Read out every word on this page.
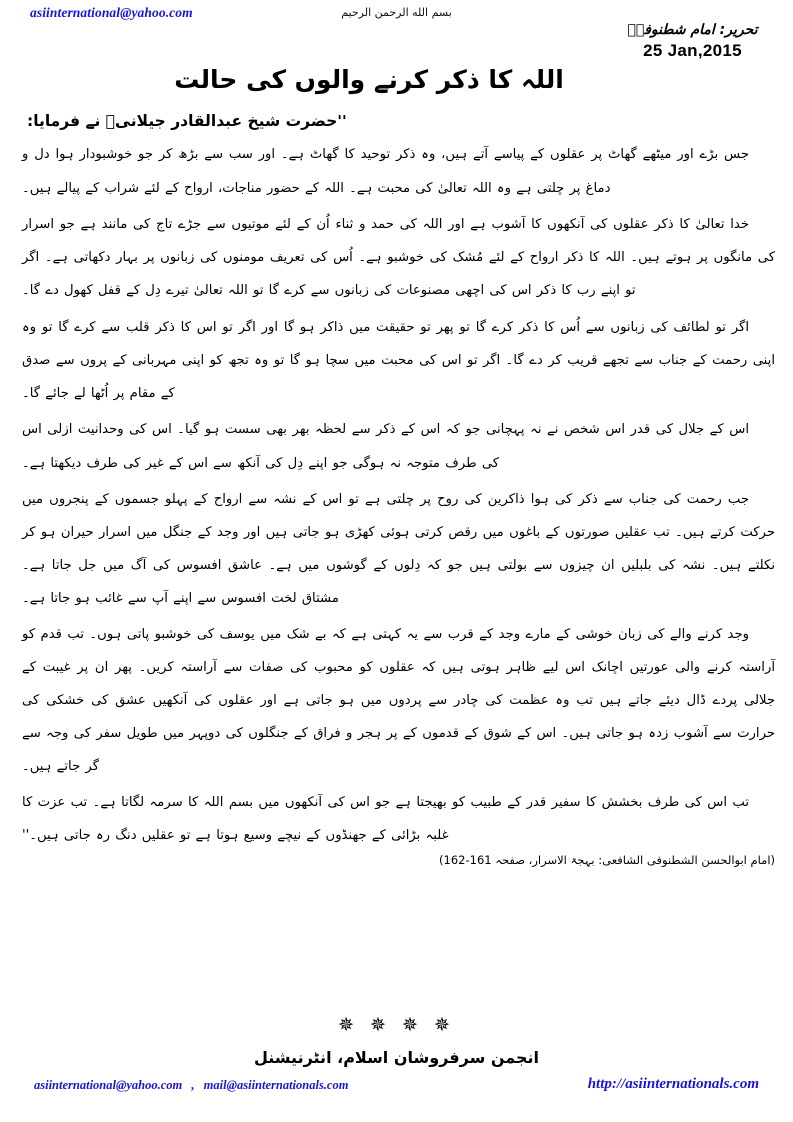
asiinternational@yahoo.com	بسم الله الرحمن الرحيم
تحریر: امام شطنوفیؒ
25 Jan,2015
اللہ کا ذکر کرنے والوں کی حالت
''حضرت شیخ عبدالقادر جیلانیؒ نے فرمایا:

جس بڑے اور میٹھے گھاٹ پر عقلوں کے پیاسے آتے ہیں، وہ ذکر توحید کا گھاٹ ہے۔ اور سب سے بڑھ کر جو خوشبودار ہوا دل و دماغ پر چلتی ہے وہ اللہ تعالیٰ کی محبت ہے۔ اللہ کے حضور مناجات، ارواح کے لئے شراب کے پیالے ہیں۔

خدا تعالیٰ کا ذکر عقلوں کی آنکھوں کا آشوب ہے اور اللہ کی حمد و ثناء اُن کے لئے موتیوں سے جڑے تاج کی مانند ہے جو اسرار کی مانگوں پر ہوتے ہیں۔ اللہ کا ذکر ارواح کے لئے مُشک کی خوشبو ہے۔ اُس کی تعریف مومنوں کی زبانوں پر بہار دکھاتی ہے۔ اگر تو اپنے رب کا ذکر اس کی اچھی مصنوعات کی زبانوں سے کرے گا تو اللہ تعالیٰ تیرے دِل کے قفل کھول دے گا۔

اگر تو لطائف کی زبانوں سے اُس کا ذکر کرے گا تو پھر تو حقیقت میں ذاکر ہو گا اور اگر تو اس کا ذکر قلب سے کرے گا تو وہ اپنی رحمت کے جناب سے تجھے قریب کر دے گا۔ اگر تو اس کی محبت میں سچا ہو گا تو وہ تجھ کو اپنی مہربانی کے پروں سے صدق کے مقام پر اُٹھا لے جائے گا۔

اس کے جلال کی قدر اس شخص نے نہ پہچانی جو کہ اس کے ذکر سے لحظہ بھر بھی سست ہو گیا۔ اس کی وحدانیت ازلی اس کی طرف متوجہ نہ ہوگی جو اپنے دِل کی آنکھ سے اس کے غیر کی طرف دیکھتا ہے۔

جب رحمت کی جناب سے ذکر کی ہوا ذاکرین کی روح پر چلتی ہے تو اس کے نشہ سے ارواح کے پہلو جسموں کے پنجروں میں حرکت کرتے ہیں۔ تب عقلیں صورتوں کے باغوں میں رقص کرتی ہوئی کھڑی ہو جاتی ہیں اور وجد کے جنگل میں اسرار حیران ہو کر نکلتے ہیں۔ نشہ کی بلبلیں ان چیزوں سے بولتی ہیں جو کہ دِلوں کے گوشوں میں ہے۔ عاشق افسوس کی آگ میں جل جاتا ہے۔ مشتاق لخت افسوس سے اپنے آپ سے غائب ہو جاتا ہے۔

وجد کرنے والے کی زبان خوشی کے مارے وجد کے قرب سے یہ کہتی ہے کہ بے شک میں یوسف کی خوشبو پاتی ہوں۔ تب قدم کو آراستہ کرنے والی عورتیں اچانک اس لیے ظاہر ہوتی ہیں کہ عقلوں کو محبوب کی صفات سے آراستہ کریں۔ پھر ان پر غیبت کے جلالی پردے ڈال دیئے جاتے ہیں تب وہ عظمت کی چادر سے پردوں میں ہو جاتی ہے اور عقلوں کی آنکھیں عشق کی خشکی کی حرارت سے آشوب زدہ ہو جاتی ہیں۔ اس کے شوق کے قدموں کے پر ہجر و فراق کے جنگلوں کی دوپہر میں طویل سفر کی وجہ سے گر جاتے ہیں۔

تب اس کی طرف بخشش کا سفیر قدر کے طبیب کو بھیجتا ہے جو اس کی آنکھوں میں بسم اللہ کا سرمہ لگاتا ہے۔ تب عزت کا غلبہ بڑائی کے جھنڈوں کے نیچے وسیع ہوتا ہے تو عقلیں دنگ رہ جاتی ہیں۔''

(امام ابوالحسن الشطنوفی الشافعی: بہجۃ الاسرار، صفحہ 161-162)
✵ ✵ ✵ ✵
انجمن سرفروشان اسلام، انٹرنیشنل
asiinternational@yahoo.com , mail@asiinternationals.com	http://asiinternationals.com
